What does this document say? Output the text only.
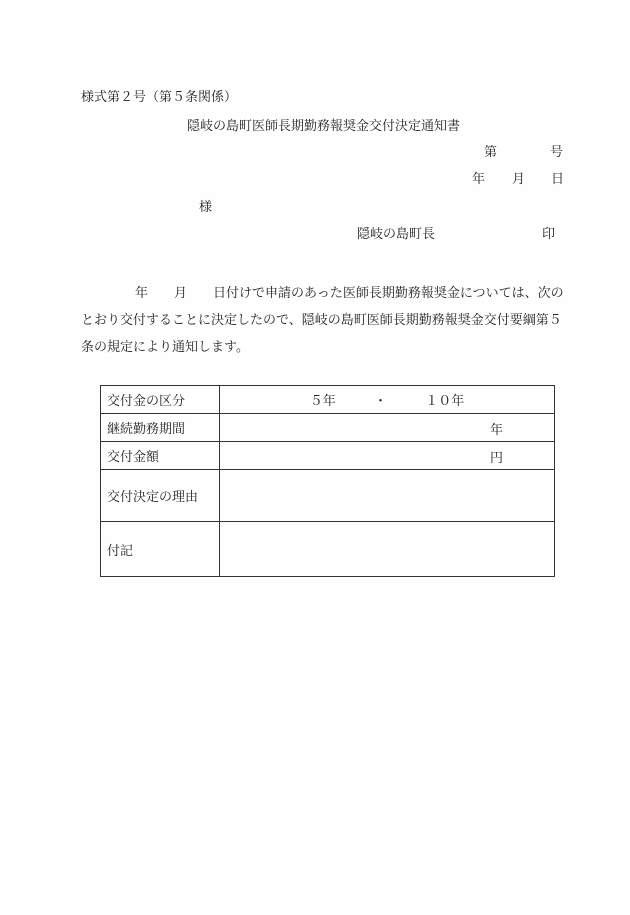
様式第２号（第５条関係）
隠岐の島町医師長期勤務報奨金交付決定通知書
第	号
年 月 日
様
隠岐の島町長	印
年 月 日付けで申請のあった医師長期勤務報奨金については、次の
とおり交付することに決定したので、隠岐の島町医師長期勤務報奨金交付要綱第５
条の規定により通知します。
交付金の区分	５年 ・ １０年
継続勤務期間	年

交付金額	円

交付決定の理由	
付記	
